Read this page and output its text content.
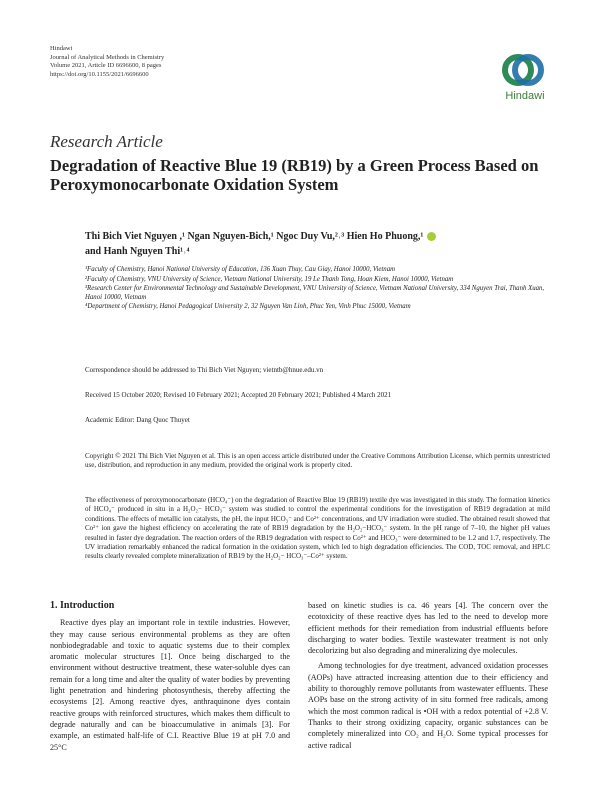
Hindawi
Journal of Analytical Methods in Chemistry
Volume 2021, Article ID 6696600, 8 pages
https://doi.org/10.1155/2021/6696600
Hindawi
Research Article
Degradation of Reactive Blue 19 (RB19) by a Green Process Based on Peroxymonocarbonate Oxidation System
Thi Bich Viet Nguyen ,¹ Ngan Nguyen-Bich,¹ Ngoc Duy Vu,²˒³ Hien Ho Phuong,¹
and Hanh Nguyen Thi¹˒⁴
¹Faculty of Chemistry, Hanoi National University of Education, 136 Xuan Thuy, Cau Giay, Hanoi 10000, Vietnam
²Faculty of Chemistry, VNU University of Science, Vietnam National University, 19 Le Thanh Tong, Hoan Kiem, Hanoi 10000, Vietnam
³Research Center for Environmental Technology and Sustainable Development, VNU University of Science, Vietnam National University, 334 Nguyen Trai, Thanh Xuan, Hanoi 10000, Vietnam
⁴Department of Chemistry, Hanoi Pedagogical University 2, 32 Nguyen Van Linh, Phuc Yen, Vinh Phuc 15000, Vietnam
Correspondence should be addressed to Thi Bich Viet Nguyen; vietntb@hnue.edu.vn
Received 15 October 2020; Revised 10 February 2021; Accepted 20 February 2021; Published 4 March 2021
Academic Editor: Dang Quoc Thuyet
Copyright © 2021 Thi Bich Viet Nguyen et al. This is an open access article distributed under the Creative Commons Attribution License, which permits unrestricted use, distribution, and reproduction in any medium, provided the original work is properly cited.
The effectiveness of peroxymonocarbonate (HCO₄⁻) on the degradation of Reactive Blue 19 (RB19) textile dye was investigated in this study. The formation kinetics of HCO₄⁻ produced in situ in a H₂O₂− HCO₃⁻ system was studied to control the experimental conditions for the investigation of RB19 degradation at mild conditions. The effects of metallic ion catalysts, the pH, the input HCO₃⁻ and Co²⁺ concentrations, and UV irradiation were studied. The obtained result showed that Co²⁺ ion gave the highest efficiency on accelerating the rate of RB19 degradation by the H₂O₂−HCO₃⁻ system. In the pH range of 7–10, the higher pH values resulted in faster dye degradation. The reaction orders of the RB19 degradation with respect to Co²⁺ and HCO₃⁻ were determined to be 1.2 and 1.7, respectively. The UV irradiation remarkably enhanced the radical formation in the oxidation system, which led to high degradation efficiencies. The COD, TOC removal, and HPLC results clearly revealed complete mineralization of RB19 by the H₂O₂− HCO₃⁻–Co²⁺ system.
1. Introduction

Reactive dyes play an important role in textile industries. However, they may cause serious environmental problems as they are often nonbiodegradable and toxic to aquatic systems due to their complex aromatic molecular structures [1]. Once being discharged to the environment without destructive treatment, these water-soluble dyes can remain for a long time and alter the quality of water bodies by preventing light penetration and hindering photosynthesis, thereby affecting the ecosystems [2]. Among reactive dyes, anthraquinone dyes contain reactive groups with reinforced structures, which makes them difficult to degrade naturally and can be bioaccumulative in animals [3]. For example, an estimated half-life of C.I. Reactive Blue 19 at pH 7.0 and 25°C

based on kinetic studies is ca. 46 years [4]. The concern over the ecotoxicity of these reactive dyes has led to the need to develop more efficient methods for their remediation from industrial effluents before discharging to water bodies. Textile wastewater treatment is not only decolorizing but also degrading and mineralizing dye molecules.

Among technologies for dye treatment, advanced oxidation processes (AOPs) have attracted increasing attention due to their efficiency and ability to thoroughly remove pollutants from wastewater effluents. These AOPs base on the strong activity of in situ formed free radicals, among which the most common radical is •OH with a redox potential of +2.8 V. Thanks to their strong oxidizing capacity, organic substances can be completely mineralized into CO₂ and H₂O. Some typical processes for active radical
